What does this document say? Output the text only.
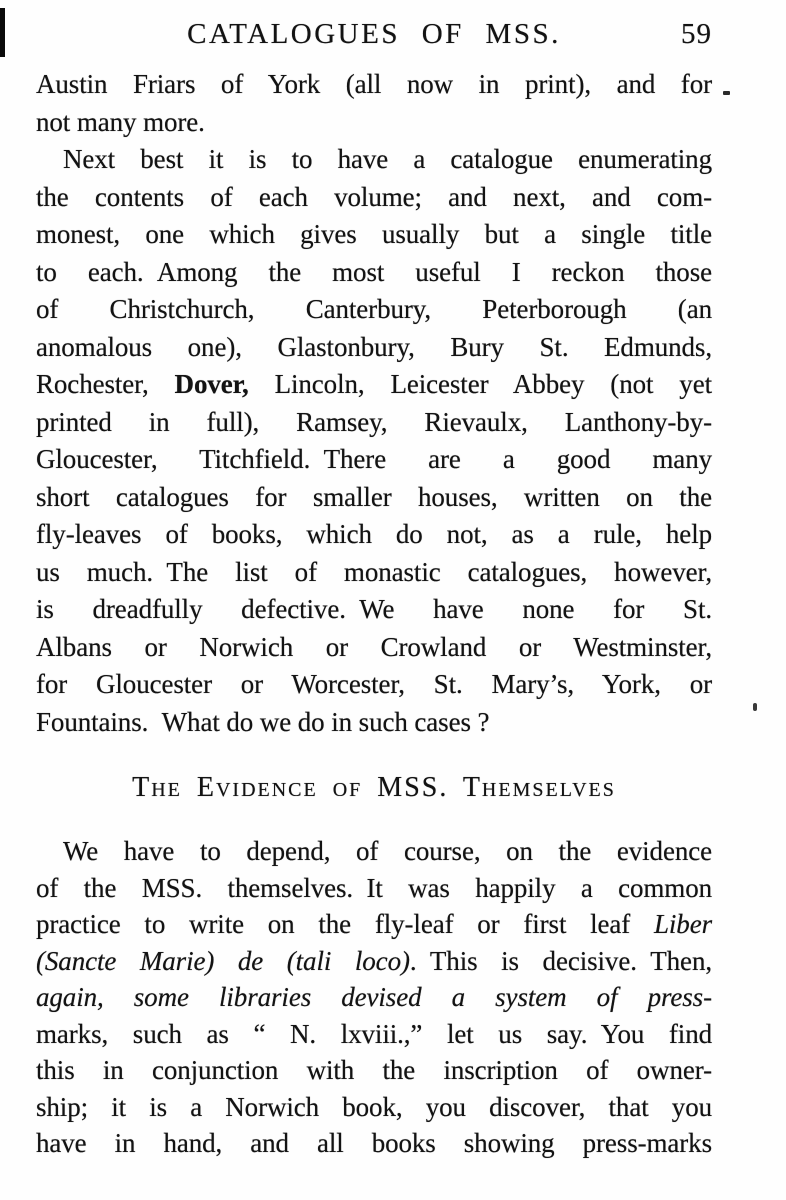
CATALOGUES OF MSS.	59
Austin Friars of York (all now in print), and for
not many more.
Next best it is to have a catalogue enumerating
the contents of each volume; and next, and com-
monest, one which gives usually but a single title
to each. Among the most useful I reckon those
of Christchurch, Canterbury, Peterborough (an
anomalous one), Glastonbury, Bury St. Edmunds,
Rochester, Dover, Lincoln, Leicester Abbey (not yet
printed in full), Ramsey, Rievaulx, Lanthony-by-
Gloucester, Titchfield. There are a good many
short catalogues for smaller houses, written on the
fly-leaves of books, which do not, as a rule, help
us much. The list of monastic catalogues, however,
is dreadfully defective. We have none for St.
Albans or Norwich or Crowland or Westminster,
for Gloucester or Worcester, St. Mary’s, York, or
Fountains. What do we do in such cases ?
The Evidence of MSS. Themselves
We have to depend, of course, on the evidence
of the MSS. themselves. It was happily a common
practice to write on the fly-leaf or first leaf Liber
(Sancte Marie) de (tali loco). This is decisive. Then,
again, some libraries devised a system of press-
marks, such as “ N. lxviii.,” let us say. You find
this in conjunction with the inscription of owner-
ship; it is a Norwich book, you discover, that you
have in hand, and all books showing press-marks
